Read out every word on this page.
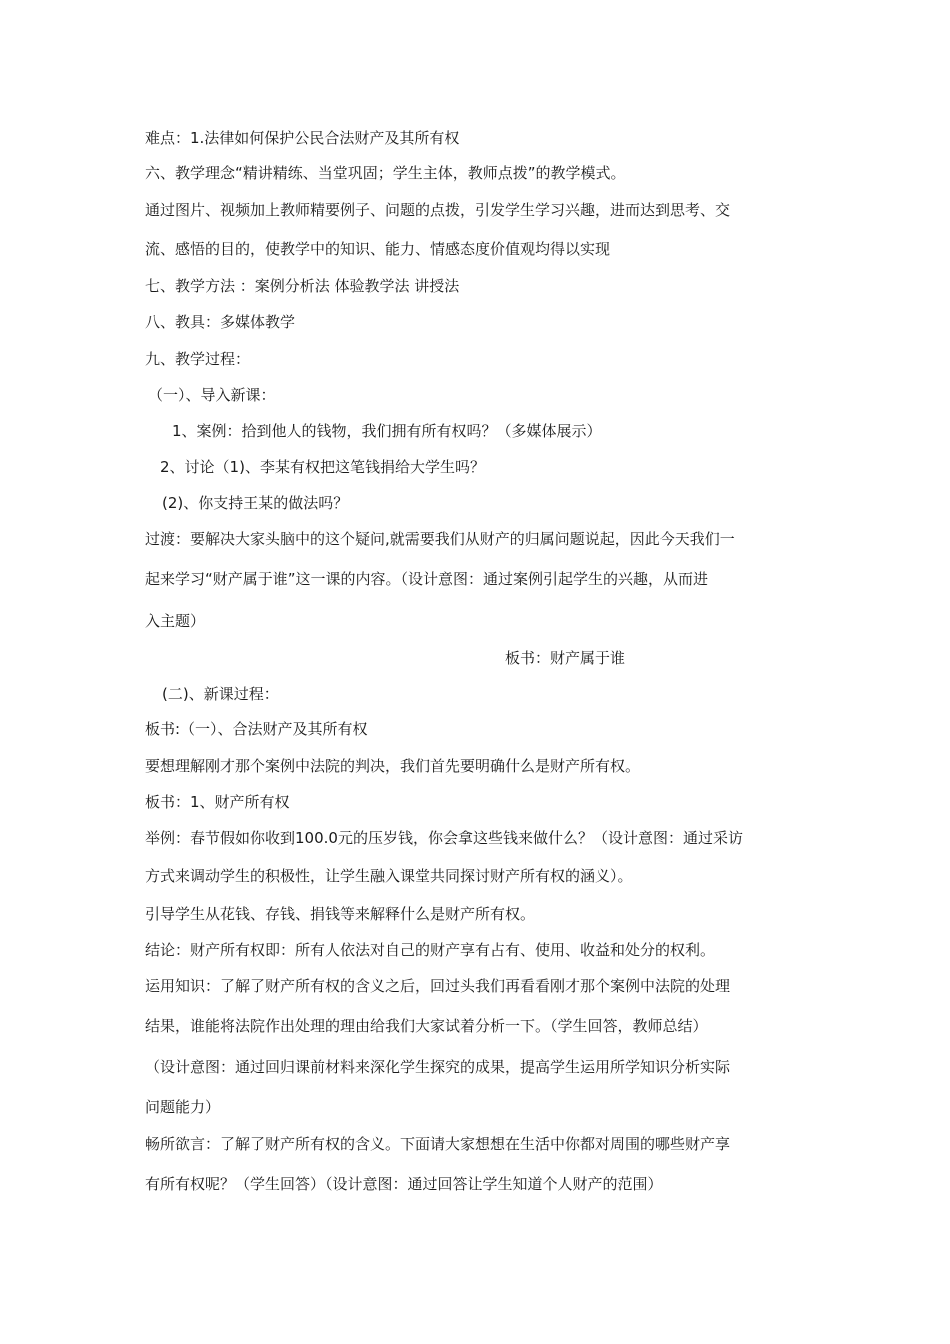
难点：1.法律如何保护公民合法财产及其所有权
六、教学理念“精讲精练、当堂巩固；学生主体，教师点拨”的教学模式。
通过图片、视频加上教师精要例子、问题的点拨，引发学生学习兴趣，进而达到思考、交
流、感悟的目的，使教学中的知识、能力、情感态度价值观均得以实现
七、教学方法 ：案例分析法 体验教学法 讲授法
八、教具：多媒体教学
九、教学过程：
（一）、导入新课：
1、案例：拾到他人的钱物，我们拥有所有权吗？（多媒体展示）
2、讨论（1)、李某有权把这笔钱捐给大学生吗？
(2)、你支持王某的做法吗？
过渡：要解决大家头脑中的这个疑问,就需要我们从财产的归属问题说起，因此今天我们一
起来学习“财产属于谁”这一课的内容。（设计意图：通过案例引起学生的兴趣，从而进
入主题）
板书：财产属于谁
(二)、新课过程：
板书:（一）、合法财产及其所有权
要想理解刚才那个案例中法院的判决，我们首先要明确什么是财产所有权。
板书：1、财产所有权
举例：春节假如你收到100.0元的压岁钱，你会拿这些钱来做什么？（设计意图：通过采访
方式来调动学生的积极性，让学生融入课堂共同探讨财产所有权的涵义）。
引导学生从花钱、存钱、捐钱等来解释什么是财产所有权。
结论：财产所有权即：所有人依法对自己的财产享有占有、使用、收益和处分的权利。
运用知识：了解了财产所有权的含义之后，回过头我们再看看刚才那个案例中法院的处理
结果，谁能将法院作出处理的理由给我们大家试着分析一下。（学生回答，教师总结）
（设计意图：通过回归课前材料来深化学生探究的成果，提高学生运用所学知识分析实际
问题能力）
畅所欲言：了解了财产所有权的含义。下面请大家想想在生活中你都对周围的哪些财产享
有所有权呢？（学生回答）（设计意图：通过回答让学生知道个人财产的范围）
